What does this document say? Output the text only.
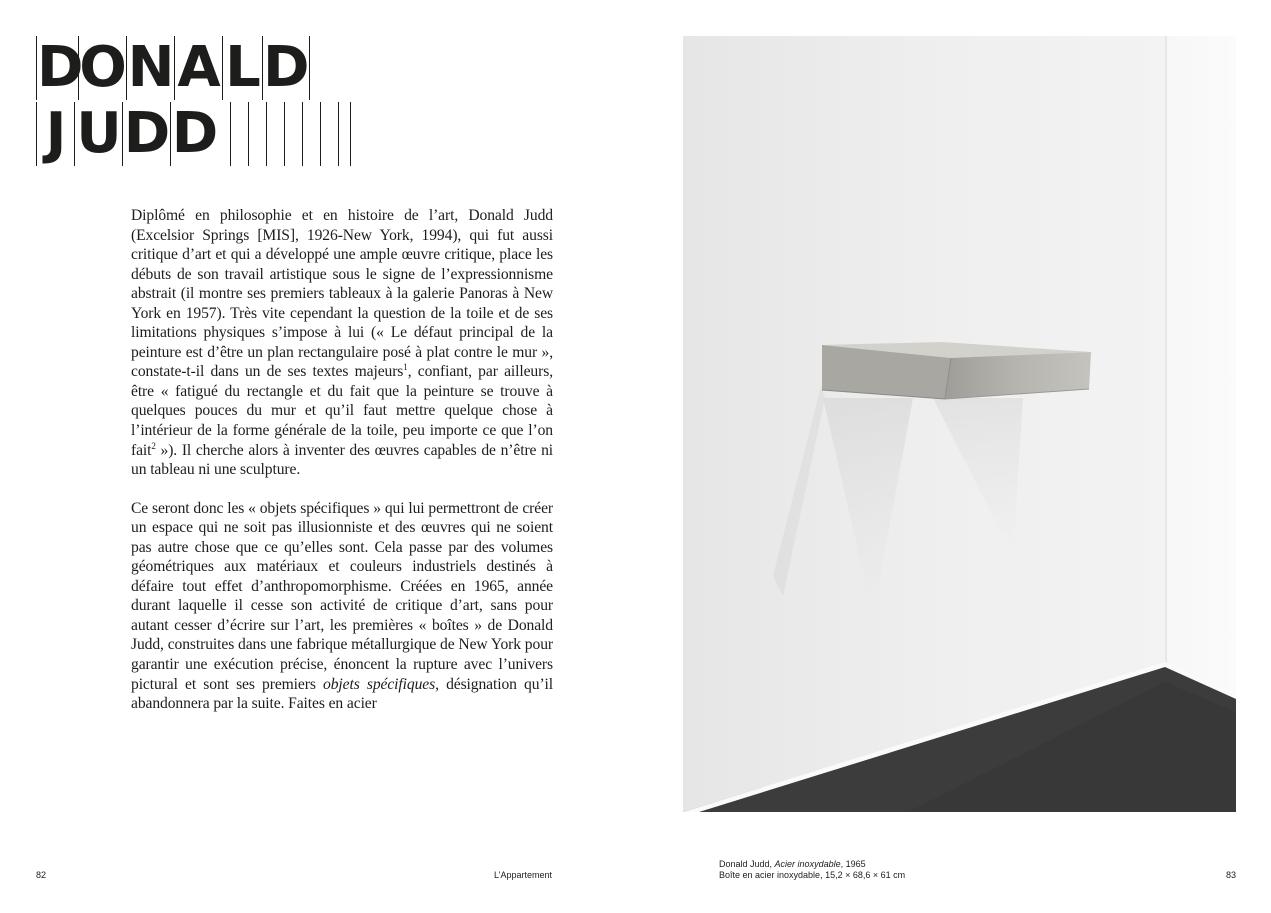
D
O N A L D
J U D D

Diplômé en philosophie et en histoire de l’art, Donald Judd (Excelsior Springs [MIS], 1926-New York, 1994), qui fut aussi critique d’art et qui a développé une ample œuvre critique, place les débuts de son travail artistique sous le signe de l’expressionnisme abstrait (il montre ses premiers tableaux à la galerie Panoras à New York en 1957). Très vite cependant la question de la toile et de ses limitations physiques s’impose à lui (« Le défaut principal de la peinture est d’être un plan rectangulaire posé à plat contre le mur », constate-t-il dans un de ses textes majeurs$^1$, confiant, par ailleurs, être « fatigué du rectangle et du fait que la peinture se trouve à quelques pouces du mur et qu’il faut mettre quelque chose à l’intérieur de la forme générale de la toile, peu importe ce que l’on fait$^2$ »). Il cherche alors à inventer des œuvres capables de n’être ni un tableau ni une sculpture.

Ce seront donc les « objets spécifiques » qui lui permettront de créer un espace qui ne soit pas illusionniste et des œuvres qui ne soient pas autre chose que ce qu’elles sont. Cela passe par des volumes géométriques aux matériaux et couleurs industriels destinés à défaire tout effet d’anthropomorphisme. Créées en 1965, année durant laquelle il cesse son activité de critique d’art, sans pour autant cesser d’écrire sur l’art, les premières « boîtes » de Donald Judd, construites dans une fabrique métallurgique de New York pour garantir une exécution précise, énoncent la rupture avec l’univers pictural et sont ses premiers objets spécifiques, désignation qu’il abandonnera par la suite. Faites en acier

Donald Judd, Acier inoxydable, 1965
Boîte en acier inoxydable, 15,2 × 68,6 × 61 cm
82	L’Appartement	83
